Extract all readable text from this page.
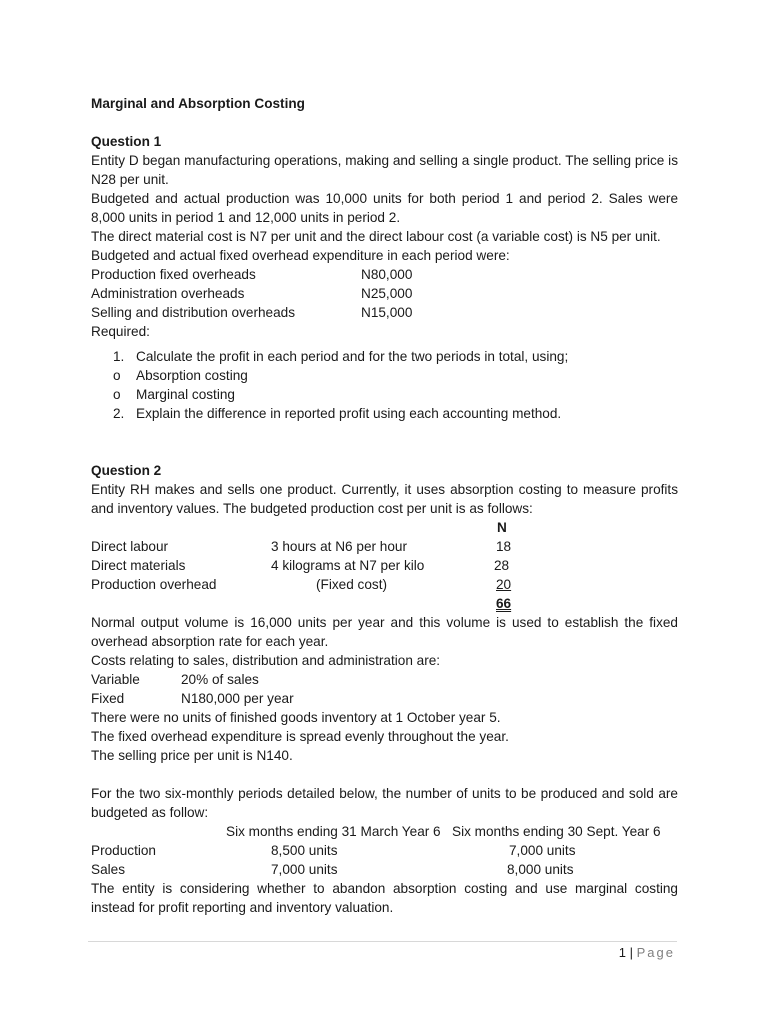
Marginal and Absorption Costing
Question 1
Entity D began manufacturing operations, making and selling a single product. The selling price is N28 per unit.
Budgeted and actual production was 10,000 units for both period 1 and period 2. Sales were 8,000 units in period 1 and 12,000 units in period 2.
The direct material cost is N7 per unit and the direct labour cost (a variable cost) is N5 per unit.
Budgeted and actual fixed overhead expenditure in each period were:
Production fixed overheads	N80,000
Administration overheads	N25,000
Selling and distribution overheads	N15,000
Required:
1. Calculate the profit in each period and for the two periods in total, using;
o Absorption costing
o Marginal costing
2. Explain the difference in reported profit using each accounting method.
Question 2
Entity RH makes and sells one product. Currently, it uses absorption costing to measure profits and inventory values. The budgeted production cost per unit is as follows:
N
Direct labour	3 hours at N6 per hour	18
Direct materials	4 kilograms at N7 per kilo	28
Production overhead	(Fixed cost)	20
66
Normal output volume is 16,000 units per year and this volume is used to establish the fixed overhead absorption rate for each year.
Costs relating to sales, distribution and administration are:
Variable	20% of sales
Fixed	N180,000 per year
There were no units of finished goods inventory at 1 October year 5.
The fixed overhead expenditure is spread evenly throughout the year.
The selling price per unit is N140.
For the two six-monthly periods detailed below, the number of units to be produced and sold are budgeted as follow:
Six months ending 31 March Year 6 Six months ending 30 Sept. Year 6
Production	8,500 units	7,000 units
Sales	7,000 units	8,000 units
The entity is considering whether to abandon absorption costing and use marginal costing instead for profit reporting and inventory valuation.
1 | Page
